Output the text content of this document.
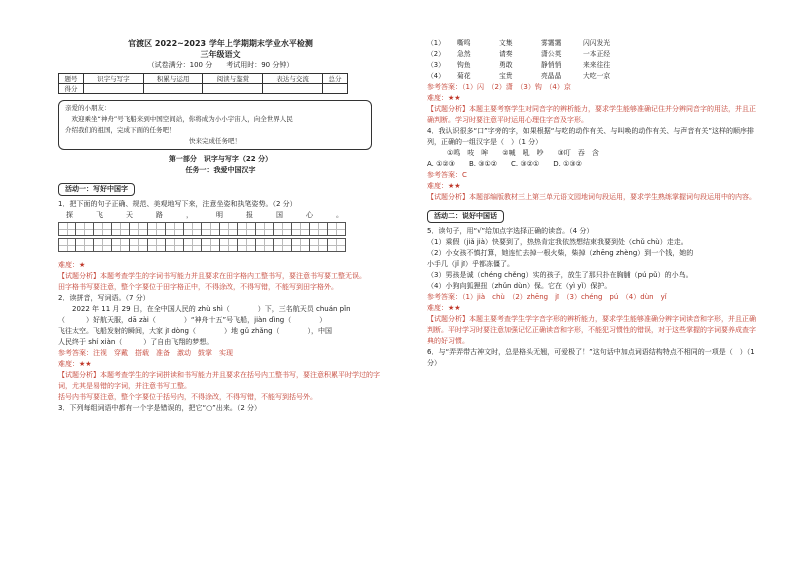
官渡区 2022~2023 学年上学期期末学业水平检测

三年级语文

（试卷满分：100 分　　考试用时：90 分钟）

题号	识字与写字	积累与运用	阅读与鉴赏	表达与交流	总分
得分					

亲爱的小朋友：

　欢迎乘坐“神舟”号飞船来到中国空间站，你将成为小小宇宙人，向全世界人民

介绍我们的祖国，完成下面的任务吧！

快来完成任务吧！

第一部分　识字与写字（22 分）

任务一：我爱中国汉字

活动一：写好中国字

1．把下面的句子正确、规范、美观地写下来，注意坐姿和执笔姿势。（2 分）

探	飞	天	路	，	明	报	国	心	。

难度：★

【试题分析】本题考查学生的字词书写能力并且要求在田字格内工整书写，要注意书写要工整无误。

田字格书写要注意，整个字要位于田字格正中，不得涂改，不得写错，不能写到田字格外。

2．读拼音，写词语。（7 分）

　　2022 年 11 月 29 日，在全中国人民的 zhù shì（　　　　）下，三名航天员 chuán pǐn

（　　　）好航天服，dā zài（　　　　）“神舟十五”号飞船，jiàn dìng（　　　　）

飞往太空。飞船发射的瞬间，大家 jī dòng（　　　　）地 gǔ zhǎng（　　　　），中国

人民终于 shí xiàn（　　　）了自由飞翔的梦想。

参考答案：注视　穿戴　搭载　准备　激动　鼓掌　实现

难度：★★

【试题分析】本题考查学生的字词拼读和书写能力并且要求在括号内工整书写，要注意积累平时学过的字词，尤其是易错的字词，并注意书写工整。

括号内书写要注意，整个字要位于括号内，不得涂改，不得写错，不能写到括号外。

3．下列每组词语中都有一个字是错误的，把它“○”出来。（2 分）

（1）	嘶鸣	文集	雾霭霭	闪闪发光
（2）	急然	请奏	潇公英	一本正经
（3）	钩鱼	勇敢	静悄悄	来来往往
（4）	菊花	宝贵	亮晶晶	大吃一京

参考答案：（1）闪　（2）潇　（3）钩　（4）京

难度：★★

【试题分析】本题主要考察学生对同音字的辨析能力，要求学生能够准确记住并分辨同音字的用法，并且正确判断。学习时要注意平时运用心理住字音及字形。

4．我认识很多“口”字旁的字，如果根据“与吃的动作有关、与叫唤的动作有关、与声音有关”这样的顺序排列，正确的一组汉字是（　）（1 分）

①鸣　吱　哞　　②喊　吼　吵　　③叮　吞　含

A. ①②③ B. ③①② C. ③②① D. ①③②

参考答案：C

难度：★★

【试题分析】本题部编版教材三上第三单元语文园地词句段运用，要求学生熟练掌握词句段运用中的内容。

活动二：说好中国话

5．读句子，用“√”给加点字选择正确的读音。（4 分）

（1）乘假（jiǎ jià）快要到了，热热肯定我依然想结束我要到处（chǔ chù）走走。

（2）小女孩不慎打算，她连忙去掉一根火柴，柴掉（zhēng zhèng）到一个钱，她的

小手几（jǐ jī）乎都冻僵了。

（3）男孩是诚（chéng chěng）实的孩子，放生了那只扑在胸脯（pú pǔ）的小鸟。

（4）小狗向狐狸扭（zhǔn dùn）保。它在（yì yǐ）保护。

参考答案：（1）jià　chù　（2）zhēng　jī　（3）chéng　pú　（4）dùn　yǐ

难度：★★

【试题分析】本题主要考查学生学字音字形的辨析能力，要求学生能够准确分辨字词读音和字形，并且正确判断。平时学习时要注意加强记忆正确读音和字形，不能犯习惯性的错误，对于这些掌握的字词要养成查字典的好习惯。

6．与“弄弄带古神文时，总是格头无翘，可爱极了！”这句话中加点词语结构特点不相同的一项是（　）（1 分）
